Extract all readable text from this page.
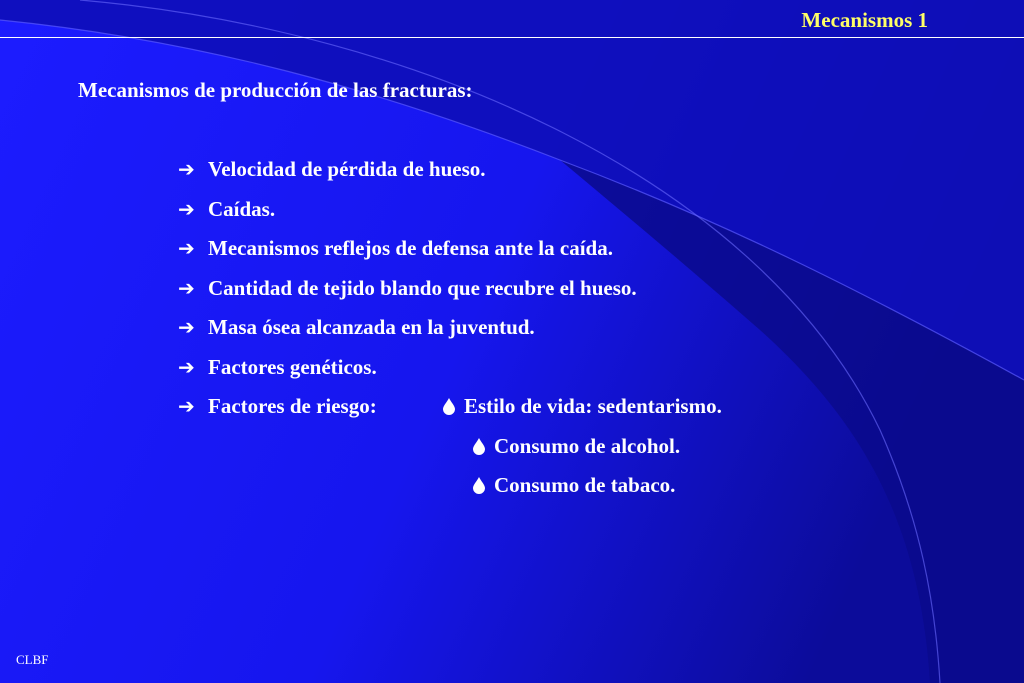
Mecanismos 1
Mecanismos de producción de las fracturas:
➔ Velocidad de pérdida de hueso.
➔ Caídas.
➔ Mecanismos reflejos de defensa ante la caída.
➔ Cantidad de tejido blando que recubre el hueso.
➔ Masa ósea alcanzada en la juventud.
➔ Factores genéticos.
➔ Factores de riesgo:	Estilo de vida: sedentarismo.
Consumo de alcohol.
Consumo de tabaco.
CLBF
